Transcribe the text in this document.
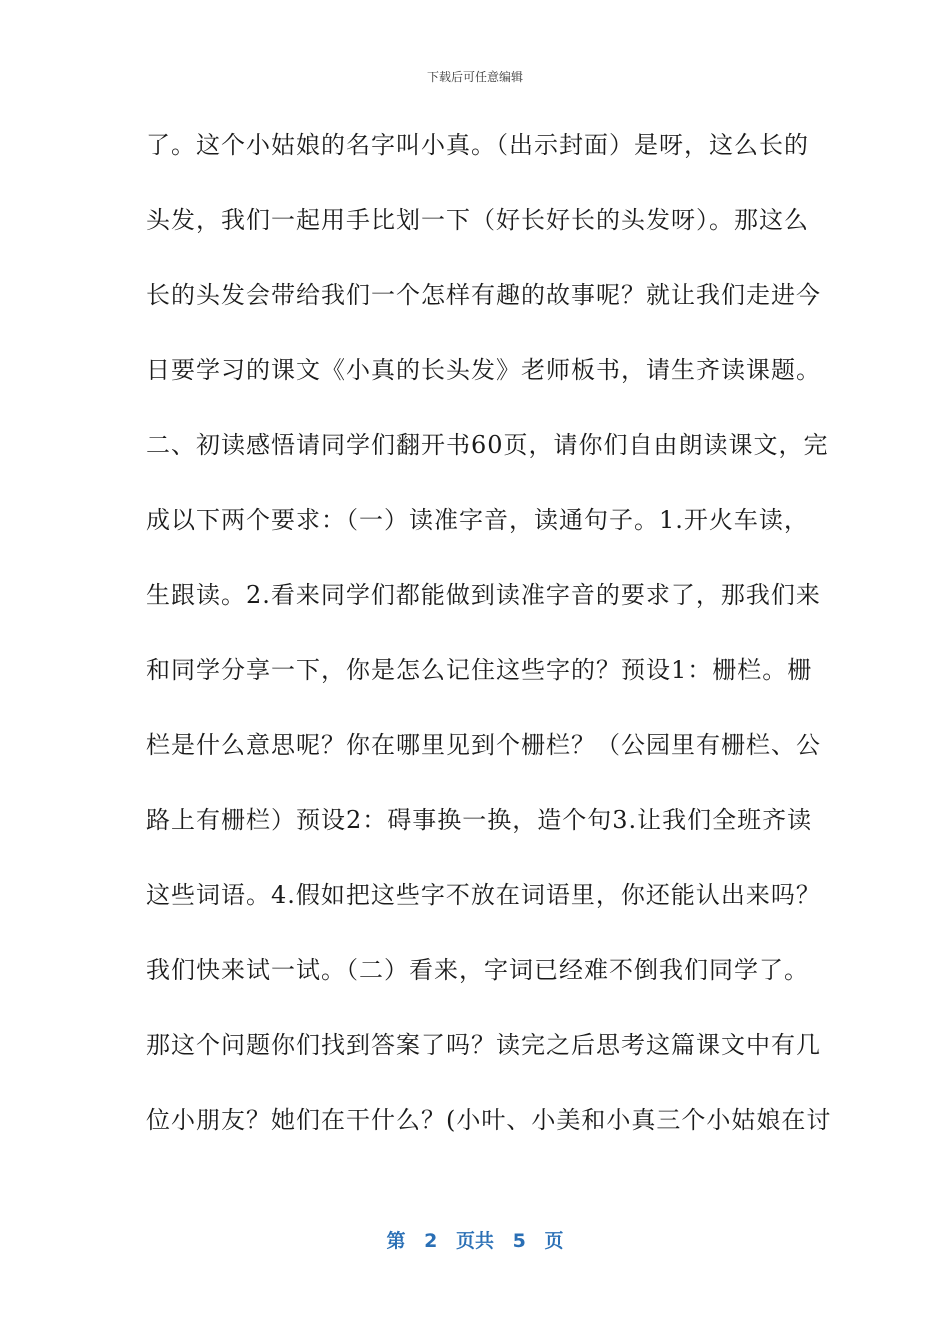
下载后可任意编辑
了。这个小姑娘的名字叫小真。（出示封面）是呀，这么长的
头发，我们一起用手比划一下（好长好长的头发呀）。那这么
长的头发会带给我们一个怎样有趣的故事呢？就让我们走进今
日要学习的课文《小真的长头发》老师板书，请生齐读课题。
二、初读感悟请同学们翻开书60页，请你们自由朗读课文，完
成以下两个要求：（一）读准字音，读通句子。1.开火车读，
生跟读。2.看来同学们都能做到读准字音的要求了，那我们来
和同学分享一下，你是怎么记住这些字的？预设1：栅栏。栅
栏是什么意思呢？你在哪里见到个栅栏？（公园里有栅栏、公
路上有栅栏）预设2：碍事换一换，造个句3.让我们全班齐读
这些词语。4.假如把这些字不放在词语里，你还能认出来吗？
我们快来试一试。（二）看来，字词已经难不倒我们同学了。
那这个问题你们找到答案了吗？读完之后思考这篇课文中有几
位小朋友？她们在干什么？(小叶、小美和小真三个小姑娘在讨
第 2 页共 5 页
